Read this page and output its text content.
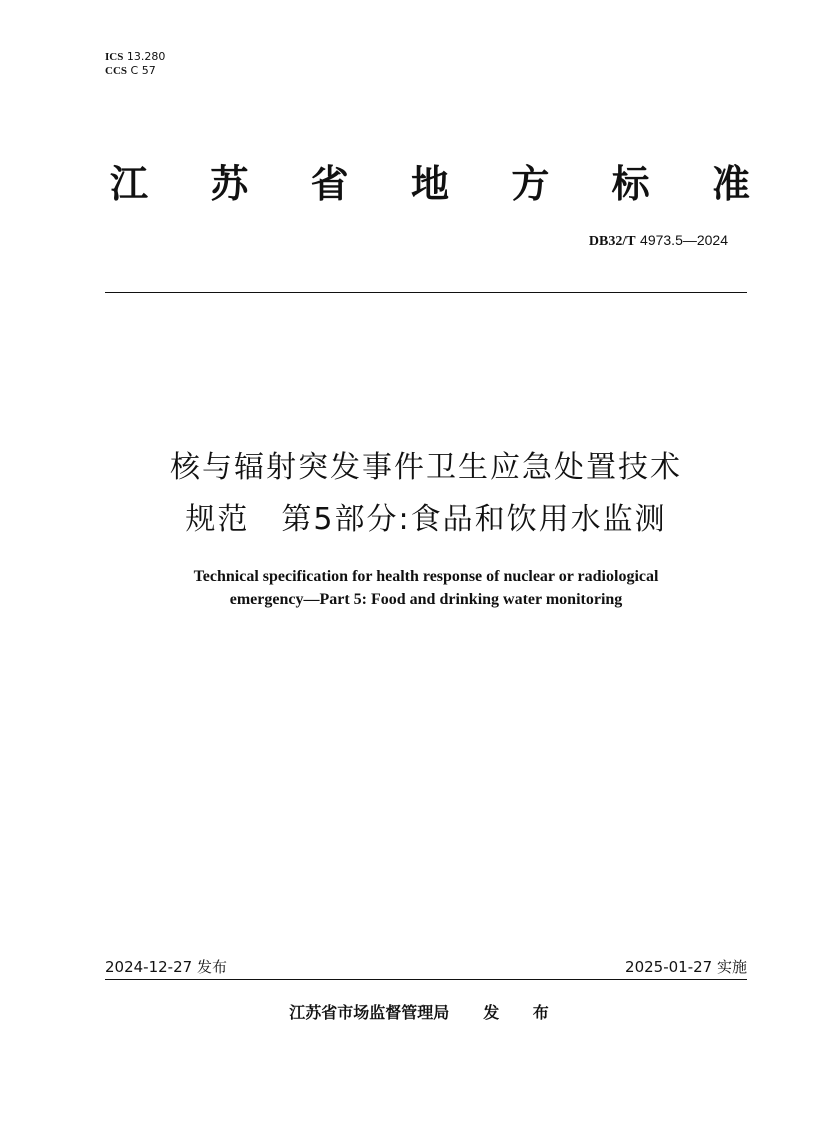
ICS 13.280
CCS C 57
江 苏 省 地 方 标 准
DB32/T 4973.5—2024
核与辐射突发事件卫生应急处置技术
规范　第5部分:食品和饮用水监测
Technical specification for health response of nuclear or radiological
emergency—Part 5: Food and drinking water monitoring
2024-12-27 发布	2025-01-27 实施
江苏省市场监督管理局 发 布
